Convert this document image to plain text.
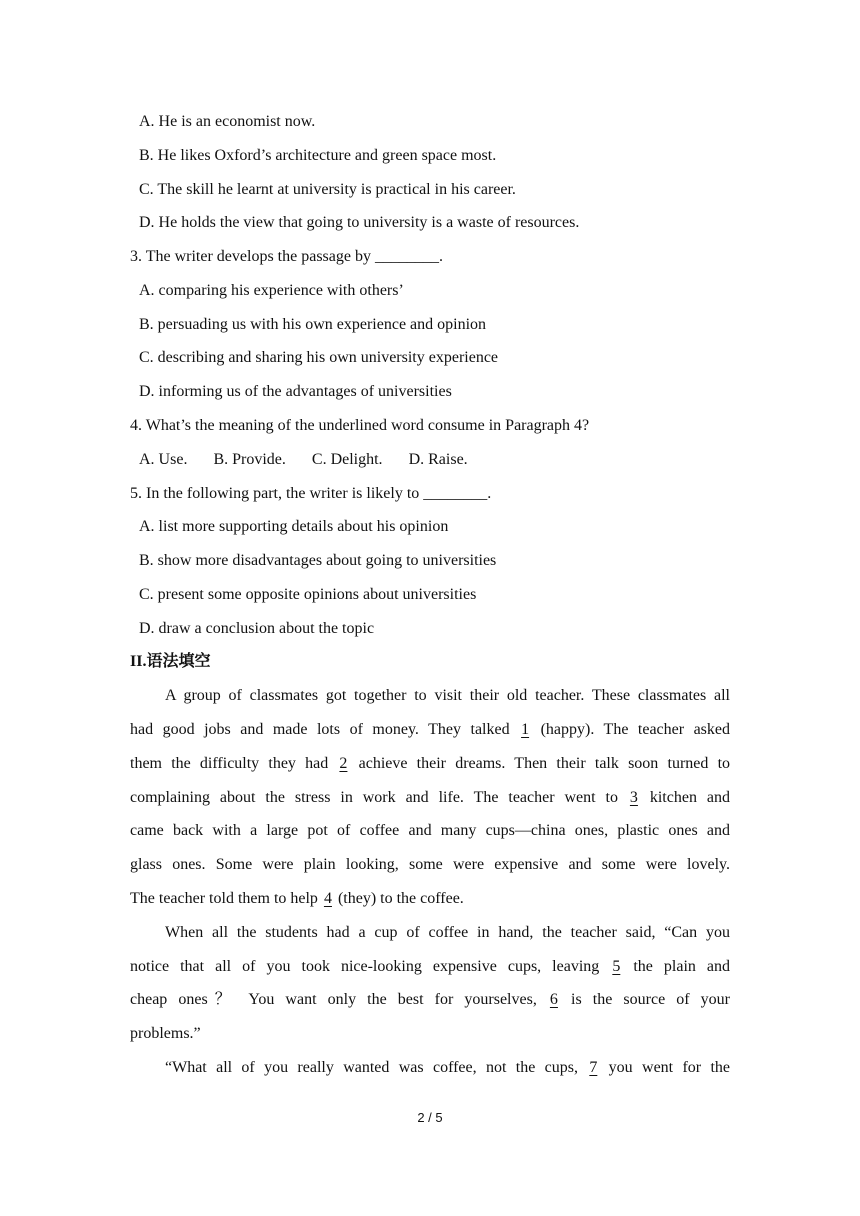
A. He is an economist now.
B. He likes Oxford’s architecture and green space most.
C. The skill he learnt at university is practical in his career.
D. He holds the view that going to university is a waste of resources.
3. The writer develops the passage by ________.
A. comparing his experience with others’
B. persuading us with his own experience and opinion
C. describing and sharing his own university experience
D. informing us of the advantages of universities
4. What’s the meaning of the underlined word consume in Paragraph 4?
A. Use. B. Provide. C. Delight. D. Raise.
5. In the following part, the writer is likely to ________.
A. list more supporting details about his opinion
B. show more disadvantages about going to universities
C. present some opposite opinions about universities
D. draw a conclusion about the topic
II.语法填空
A group of classmates got together to visit their old teacher. These classmates all
had good jobs and made lots of money. They talked 1 (happy). The teacher asked
them the difficulty they had 2 achieve their dreams. Then their talk soon turned to
complaining about the stress in work and life. The teacher went to 3 kitchen and
came back with a large pot of coffee and many cups—china ones, plastic ones and
glass ones. Some were plain looking, some were expensive and some were lovely.
The teacher told them to help 4 (they) to the coffee.
When all the students had a cup of coffee in hand, the teacher said, “Can you
notice that all of you took nice-looking expensive cups, leaving 5 the plain and
cheap ones？ You want only the best for yourselves, 6 is the source of your
problems.”
“What all of you really wanted was coffee, not the cups, 7 you went for the
2 / 5
